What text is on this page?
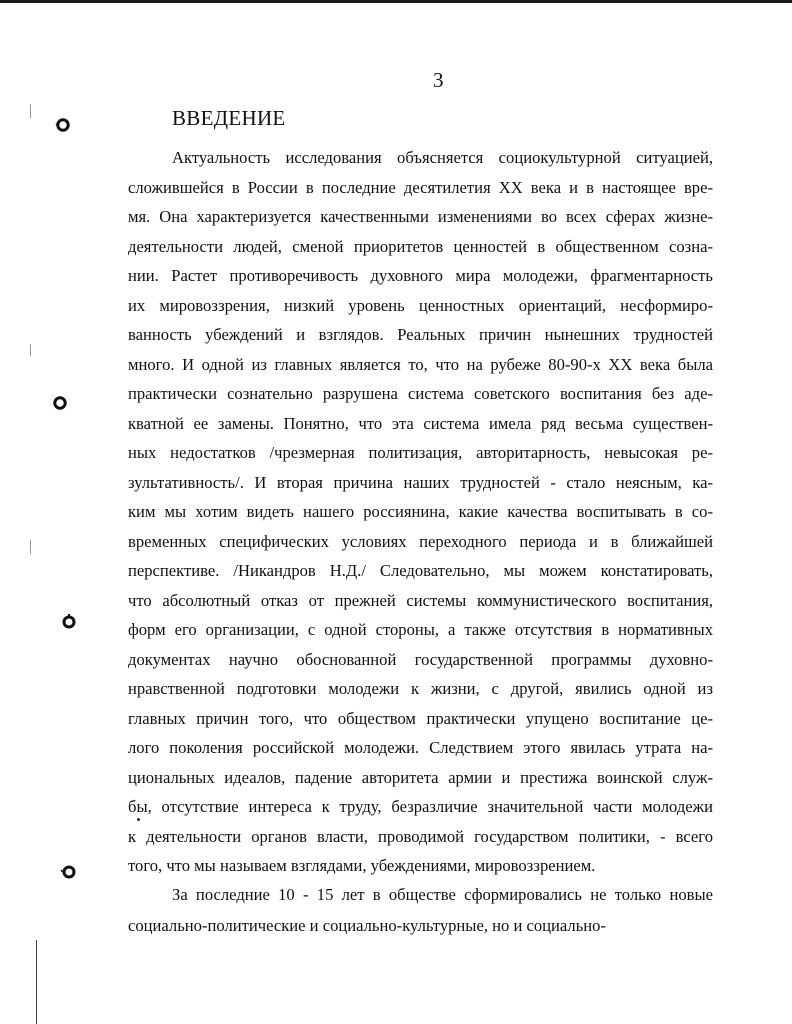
3
ВВЕДЕНИЕ
Актуальность исследования объясняется социокультурной ситуацией,
сложившейся в России в последние десятилетия XX века и в настоящее вре-
мя. Она характеризуется качественными изменениями во всех сферах жизне-
деятельности людей, сменой приоритетов ценностей в общественном созна-
нии. Растет противоречивость духовного мира молодежи, фрагментарность
их мировоззрения, низкий уровень ценностных ориентаций, несформиро-
ванность убеждений и взглядов. Реальных причин нынешних трудностей
много. И одной из главных является то, что на рубеже 80-90-х XX века была
практически сознательно разрушена система советского воспитания без аде-
кватной ее замены. Понятно, что эта система имела ряд весьма существен-
ных недостатков /чрезмерная политизация, авторитарность, невысокая ре-
зультативность/. И вторая причина наших трудностей - стало неясным, ка-
ким мы хотим видеть нашего россиянина, какие качества воспитывать в со-
временных специфических условиях переходного периода и в ближайшей
перспективе. /Никандров Н.Д./ Следовательно, мы можем констатировать,
что абсолютный отказ от прежней системы коммунистического воспитания,
форм его организации, с одной стороны, а также отсутствия в нормативных
документах научно обоснованной государственной программы духовно-
нравственной подготовки молодежи к жизни, с другой, явились одной из
главных причин того, что обществом практически упущено воспитание це-
лого поколения российской молодежи. Следствием этого явилась утрата на-
циональных идеалов, падение авторитета армии и престижа воинской служ-
бы, отсутствие интереса к труду, безразличие значительной части молодежи
к деятельности органов власти, проводимой государством политики, - всего
того, что мы называем взглядами, убеждениями, мировоззрением.
За последние 10 - 15 лет в обществе сформировались не только новые
социально-политические и социально-культурные, но и социально-
